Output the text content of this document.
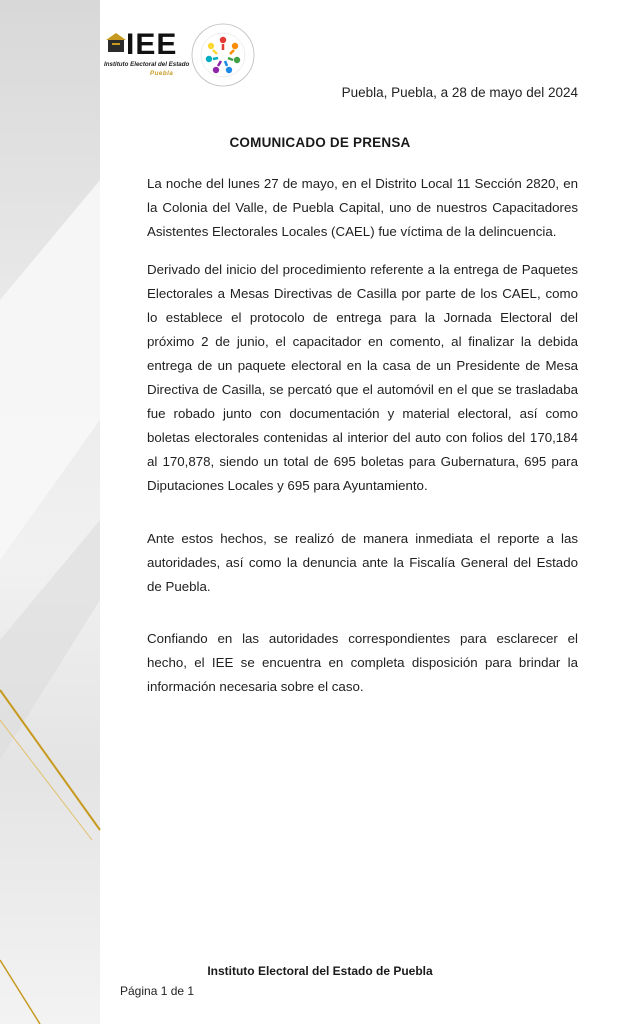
IEE
Instituto Electoral del Estado
Puebla
Puebla, Puebla, a 28 de mayo del 2024
COMUNICADO DE PRENSA

La noche del lunes 27 de mayo, en el Distrito Local 11 Sección 2820, en la Colonia del Valle, de Puebla Capital, uno de nuestros Capacitadores Asistentes Electorales Locales (CAEL) fue víctima de la delincuencia.

Derivado del inicio del procedimiento referente a la entrega de Paquetes Electorales a Mesas Directivas de Casilla por parte de los CAEL, como lo establece el protocolo de entrega para la Jornada Electoral del próximo 2 de junio, el capacitador en comento, al finalizar la debida entrega de un paquete electoral en la casa de un Presidente de Mesa Directiva de Casilla, se percató que el automóvil en el que se trasladaba fue robado junto con documentación y material electoral, así como boletas electorales contenidas al interior del auto con folios del 170,184 al 170,878, siendo un total de 695 boletas para Gubernatura, 695 para Diputaciones Locales y 695 para Ayuntamiento.

Ante estos hechos, se realizó de manera inmediata el reporte a las autoridades, así como la denuncia ante la Fiscalía General del Estado de Puebla.

Confiando en las autoridades correspondientes para esclarecer el hecho, el IEE se encuentra en completa disposición para brindar la información necesaria sobre el caso.

Instituto Electoral del Estado de Puebla
Página 1 de 1
